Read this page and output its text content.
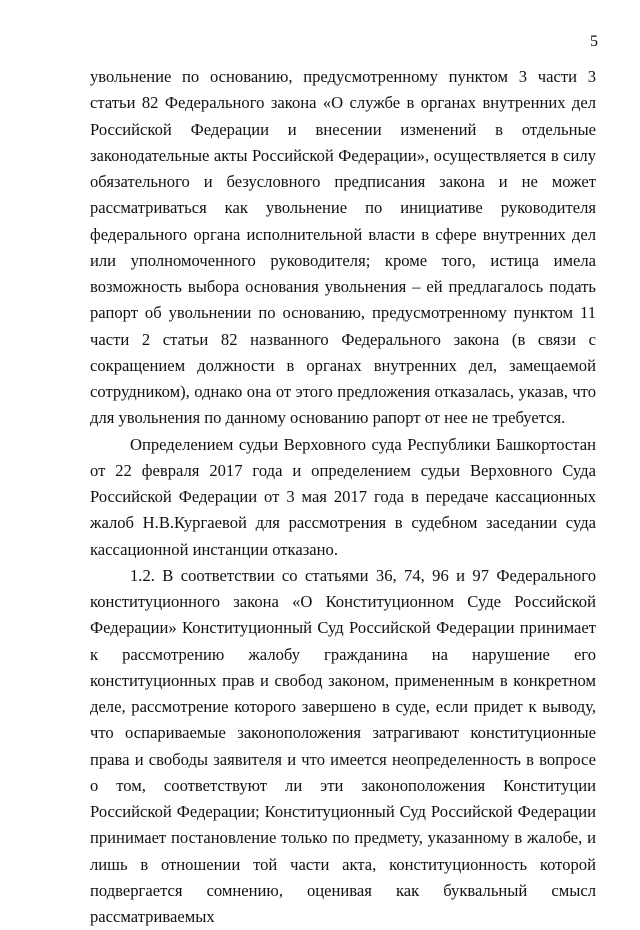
5

увольнение по основанию, предусмотренному пунктом 3 части 3 статьи 82 Федерального закона «О службе в органах внутренних дел Российской Федерации и внесении изменений в отдельные законодательные акты Российской Федерации», осуществляется в силу обязательного и безусловного предписания закона и не может рассматриваться как увольнение по инициативе руководителя федерального органа исполнительной власти в сфере внутренних дел или уполномоченного руководителя; кроме того, истица имела возможность выбора основания увольнения – ей предлагалось подать рапорт об увольнении по основанию, предусмотренному пунктом 11 части 2 статьи 82 названного Федерального закона (в связи с сокращением должности в органах внутренних дел, замещаемой сотрудником), однако она от этого предложения отказалась, указав, что для увольнения по данному основанию рапорт от нее не требуется.

Определением судьи Верховного суда Республики Башкортостан от 22 февраля 2017 года и определением судьи Верховного Суда Российской Федерации от 3 мая 2017 года в передаче кассационных жалоб Н.В.Кургаевой для рассмотрения в судебном заседании суда кассационной инстанции отказано.

1.2. В соответствии со статьями 36, 74, 96 и 97 Федерального конституционного закона «О Конституционном Суде Российской Федерации» Конституционный Суд Российской Федерации принимает к рассмотрению жалобу гражданина на нарушение его конституционных прав и свобод законом, примененным в конкретном деле, рассмотрение которого завершено в суде, если придет к выводу, что оспариваемые законоположения затрагивают конституционные права и свободы заявителя и что имеется неопределенность в вопросе о том, соответствуют ли эти законоположения Конституции Российской Федерации; Конституционный Суд Российской Федерации принимает постановление только по предмету, указанному в жалобе, и лишь в отношении той части акта, конституционность которой подвергается сомнению, оценивая как буквальный смысл рассматриваемых
